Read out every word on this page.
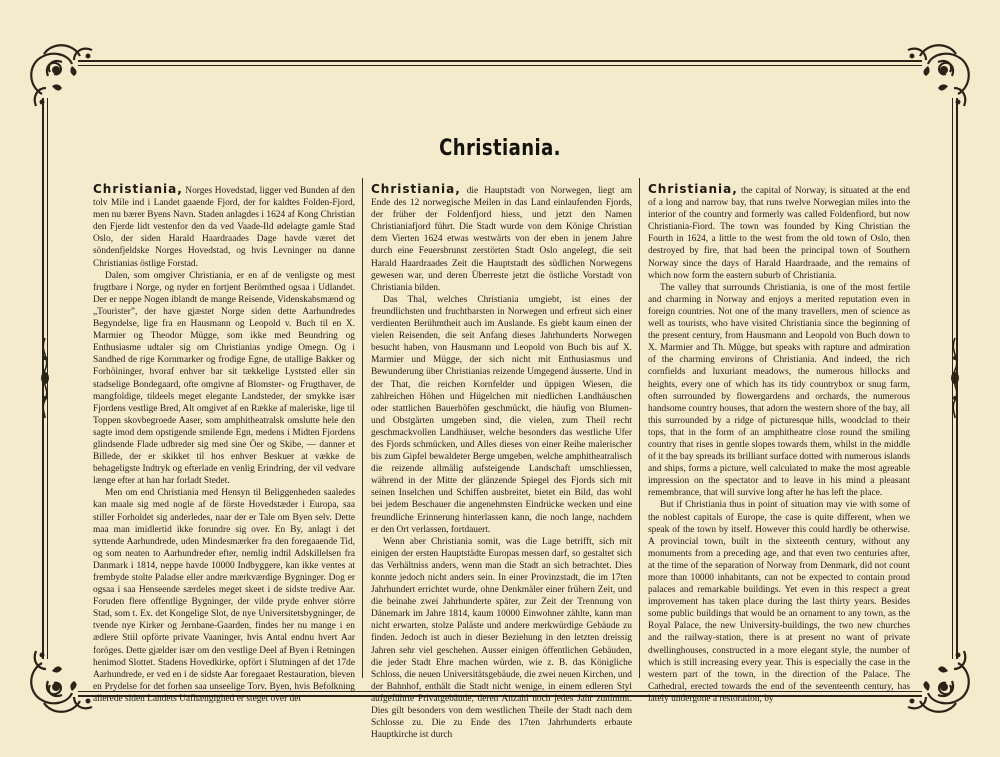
Christiania.

Christiania, Norges Hovedstad, ligger ved Bunden af den tolv Mile ind i Landet gaaende Fjord, der for kaldtes Folden-Fjord, men nu bærer Byens Navn. Staden anlagdes i 1624 af Kong Christian den Fjerde lidt vestenfor den da ved Vaade-Ild ødelagte gamle Stad Oslo, der siden Harald Haardraades Dage havde været det söndenfjeldske Norges Hovedstad, og hvis Levninger nu danne Christianias östlige Forstad.

Dalen, som omgiver Christiania, er en af de venligste og mest frugtbare i Norge, og nyder en fortjent Berömthed ogsaa i Udlandet. Der er neppe Nogen iblandt de mange Reisende, Videnskabsmænd og „Touristerˮ, der have gjæstet Norge siden dette Aarhundredes Begyndelse, lige fra en Hausmann og Leopold v. Buch til en X. Marmier og Theodor Mügge, som ikke med Beundring og Enthusiasme udtaler sig om Christianias yndige Omegn. Og i Sandhed de rige Kornmarker og frodige Egne, de utallige Bakker og Forhöininger, hvoraf enhver bar sit tækkelige Lyststed eller sin stadselige Bondegaard, ofte omgivne af Blomster- og Frugthaver, de mangfoldige, tildeels meget elegante Landsteder, der smykke især Fjordens vestlige Bred, Alt omgivet af en Række af maleriske, lige til Toppen skovbegroede Aaser, som amphitheatralsk omslutte hele den sagte imod dem opstigende smilende Egn, medens i Midten Fjordens glindsende Flade udbreder sig med sine Öer og Skibe, — danner et Billede, der er skikket til hos enhver Beskuer at vække de behageligste Indtryk og efterlade en venlig Erindring, der vil vedvare længe efter at han har forladt Stedet.

Men om end Christiania med Hensyn til Beliggenheden saaledes kan maale sig med nogle af de förste Hovedstæder i Europa, saa stiller Forholdet sig anderledes, naar der er Tale om Byen selv. Dette maa man imidlertid ikke forundre sig over. En By, anlagt i det syttende Aarhundrede, uden Mindesmærker fra den foregaaende Tid, og som neaten to Aarhundreder efter, nemlig indtil Adskillelsen fra Danmark i 1814, neppe havde 10000 Indbyggere, kan ikke ventes at frembyde stolte Paladse eller andre mærkværdige Bygninger. Dog er ogsaa i saa Henseende særdeles meget skeet i de sidste tredive Aar. Foruden flere offentlige Bygninger, der vilde pryde enhver större Stad, som t. Ex. det Kongelige Slot, de nye Universitetsbygninger, de tvende nye Kirker og Jernbane-Gaarden, findes her nu mange i en ædlere Stiil opförte private Vaaninger, hvis Antal endnu hvert Aar foröges. Dette gjælder især om den vestlige Deel af Byen i Retningen henimod Slottet. Stadens Hovedkirke, opfört i Slutningen af det 17de Aarhundrede, er ved en i de sidste Aar foregaaet Restauration, bleven en Prydelse for det forhen saa unseelige Torv. Byen, hvis Befolkning allerede siden Landets Uafhængighed er steget over det

Christiania, die Hauptstadt von Norwegen, liegt am Ende des 12 norwegische Meilen in das Land einlaufenden Fjords, der früher der Foldenfjord hiess, und jetzt den Namen Christianiafjord führt. Die Stadt wurde von dem Könige Christian dem Vierten 1624 etwas westwärts von der eben in jenem Jahre durch eine Feuersbrunst zerstörten Stadt Oslo angelegt, die seit Harald Haardraades Zeit die Hauptstadt des südlichen Norwegens gewesen war, und deren Überreste jetzt die östliche Vorstadt von Christiania bilden.

Das Thal, welches Christiania umgiebt, ist eines der freundlichsten und fruchtbarsten in Norwegen und erfreut sich einer verdienten Berühmtheit auch im Auslande. Es giebt kaum einen der vielen Reisenden, die seit Anfang dieses Jahrhunderts Norwegen besucht haben, von Hausmann und Leopold von Buch bis auf X. Marmier und Mügge, der sich nicht mit Enthusiasmus und Bewunderung über Christianias reizende Umgegend äusserte. Und in der That, die reichen Kornfelder und üppigen Wiesen, die zahlreichen Höhen und Hügelchen mit niedlichen Landhäuschen oder stattlichen Bauerhöfen geschmückt, die häufig von Blumen- und Obstgärten umgeben sind, die vielen, zum Theil recht geschmackvollen Landhäuser, welche besonders das westliche Ufer des Fjords schmücken, und Alles dieses von einer Reihe malerischer bis zum Gipfel bewaldeter Berge umgeben, welche amphitheatralisch die reizende allmälig aufsteigende Landschaft umschliessen, während in der Mitte der glänzende Spiegel des Fjords sich mit seinen Inselchen und Schiffen ausbreitet, bietet ein Bild, das wohl bei jedem Beschauer die angenehmsten Eindrücke wecken und eine freundliche Erinnerung hinterlassen kann, die noch lange, nachdem er den Ort verlassen, fortdauert.

Wenn aber Christiania somit, was die Lage betrifft, sich mit einigen der ersten Hauptstädte Europas messen darf, so gestaltet sich das Verhältniss anders, wenn man die Stadt an sich betrachtet. Dies konnte jedoch nicht anders sein. In einer Provinzstadt, die im 17ten Jahrhundert errichtet wurde, ohne Denkmäler einer frühern Zeit, und die beinahe zwei Jahrhunderte später, zur Zeit der Trennung von Dänemark im Jahre 1814, kaum 10000 Einwohner zählte, kann man nicht erwarten, stolze Paläste und andere merkwürdige Gebäude zu finden. Jedoch ist auch in dieser Beziehung in den letzten dreissig Jahren sehr viel geschehen. Ausser einigen öffentlichen Gebäuden, die jeder Stadt Ehre machen würden, wie z. B. das Königliche Schloss, die neuen Universitätsgebäude, die zwei neuen Kirchen, und der Bahnhof, enthält die Stadt nicht wenige, in einem edleren Styl aufgeführte Privatgebäude, deren Anzahl noch jedes Jahr zunimmt. Dies gilt besonders von dem westlichen Theile der Stadt nach dem Schlosse zu. Die zu Ende des 17ten Jahrhunderts erbaute Hauptkirche ist durch

Christiania, the capital of Norway, is situated at the end of a long and narrow bay, that runs twelve Norwegian miles into the interior of the country and formerly was called Foldenfiord, but now Christiania-Fiord. The town was founded by King Christian the Fourth in 1624, a little to the west from the old town of Oslo, then destroyed by fire, that had been the principal town of Southern Norway since the days of Harald Haardraade, and the remains of which now form the eastern suburb of Christiania.

The valley that surrounds Christiania, is one of the most fertile and charming in Norway and enjoys a merited reputation even in foreign countries. Not one of the many travellers, men of science as well as tourists, who have visited Christiania since the beginning of the present century, from Hausmann and Leopold von Buch down to X. Marmier and Th. Mügge, but speaks with rapture and admiration of the charming environs of Christiania. And indeed, the rich cornfields and luxuriant meadows, the numerous hillocks and heights, every one of which has its tidy countrybox or snug farm, often surrounded by flowergardens and orchards, the numerous handsome country houses, that adorn the western shore of the bay, all this surrounded by a ridge of picturesque hills, woodclad to their tops, that in the form of an amphitheatre close round the smiling country that rises in gentle slopes towards them, whilst in the middle of it the bay spreads its brilliant surface dotted with numerous islands and ships, forms a picture, well calculated to make the most agreable impression on the spectator and to leave in his mind a pleasant remembrance, that will survive long after he has left the place.

But if Christiania thus in point of situation may vie with some of the noblest capitals of Europe, the case is quite different, when we speak of the town by itself. However this could hardly be otherwise. A provincial town, built in the sixteenth century, without any monuments from a preceding age, and that even two centuries after, at the time of the separation of Norway from Denmark, did not count more than 10000 inhabitants, can not be expected to contain proud palaces and remarkable buildings. Yet even in this respect a great improvement has taken place during the last thirty years. Besides some public buildings that would be an ornament to any town, as the Royal Palace, the new University-buildings, the two new churches and the railway-station, there is at present no want of private dwellinghouses, constructed in a more elegant style, the number of which is still increasing every year. This is especially the case in the western part of the town, in the direction of the Palace. The Cathedral, erected towards the end of the seventeenth century, has lately undergone a restoration, by
